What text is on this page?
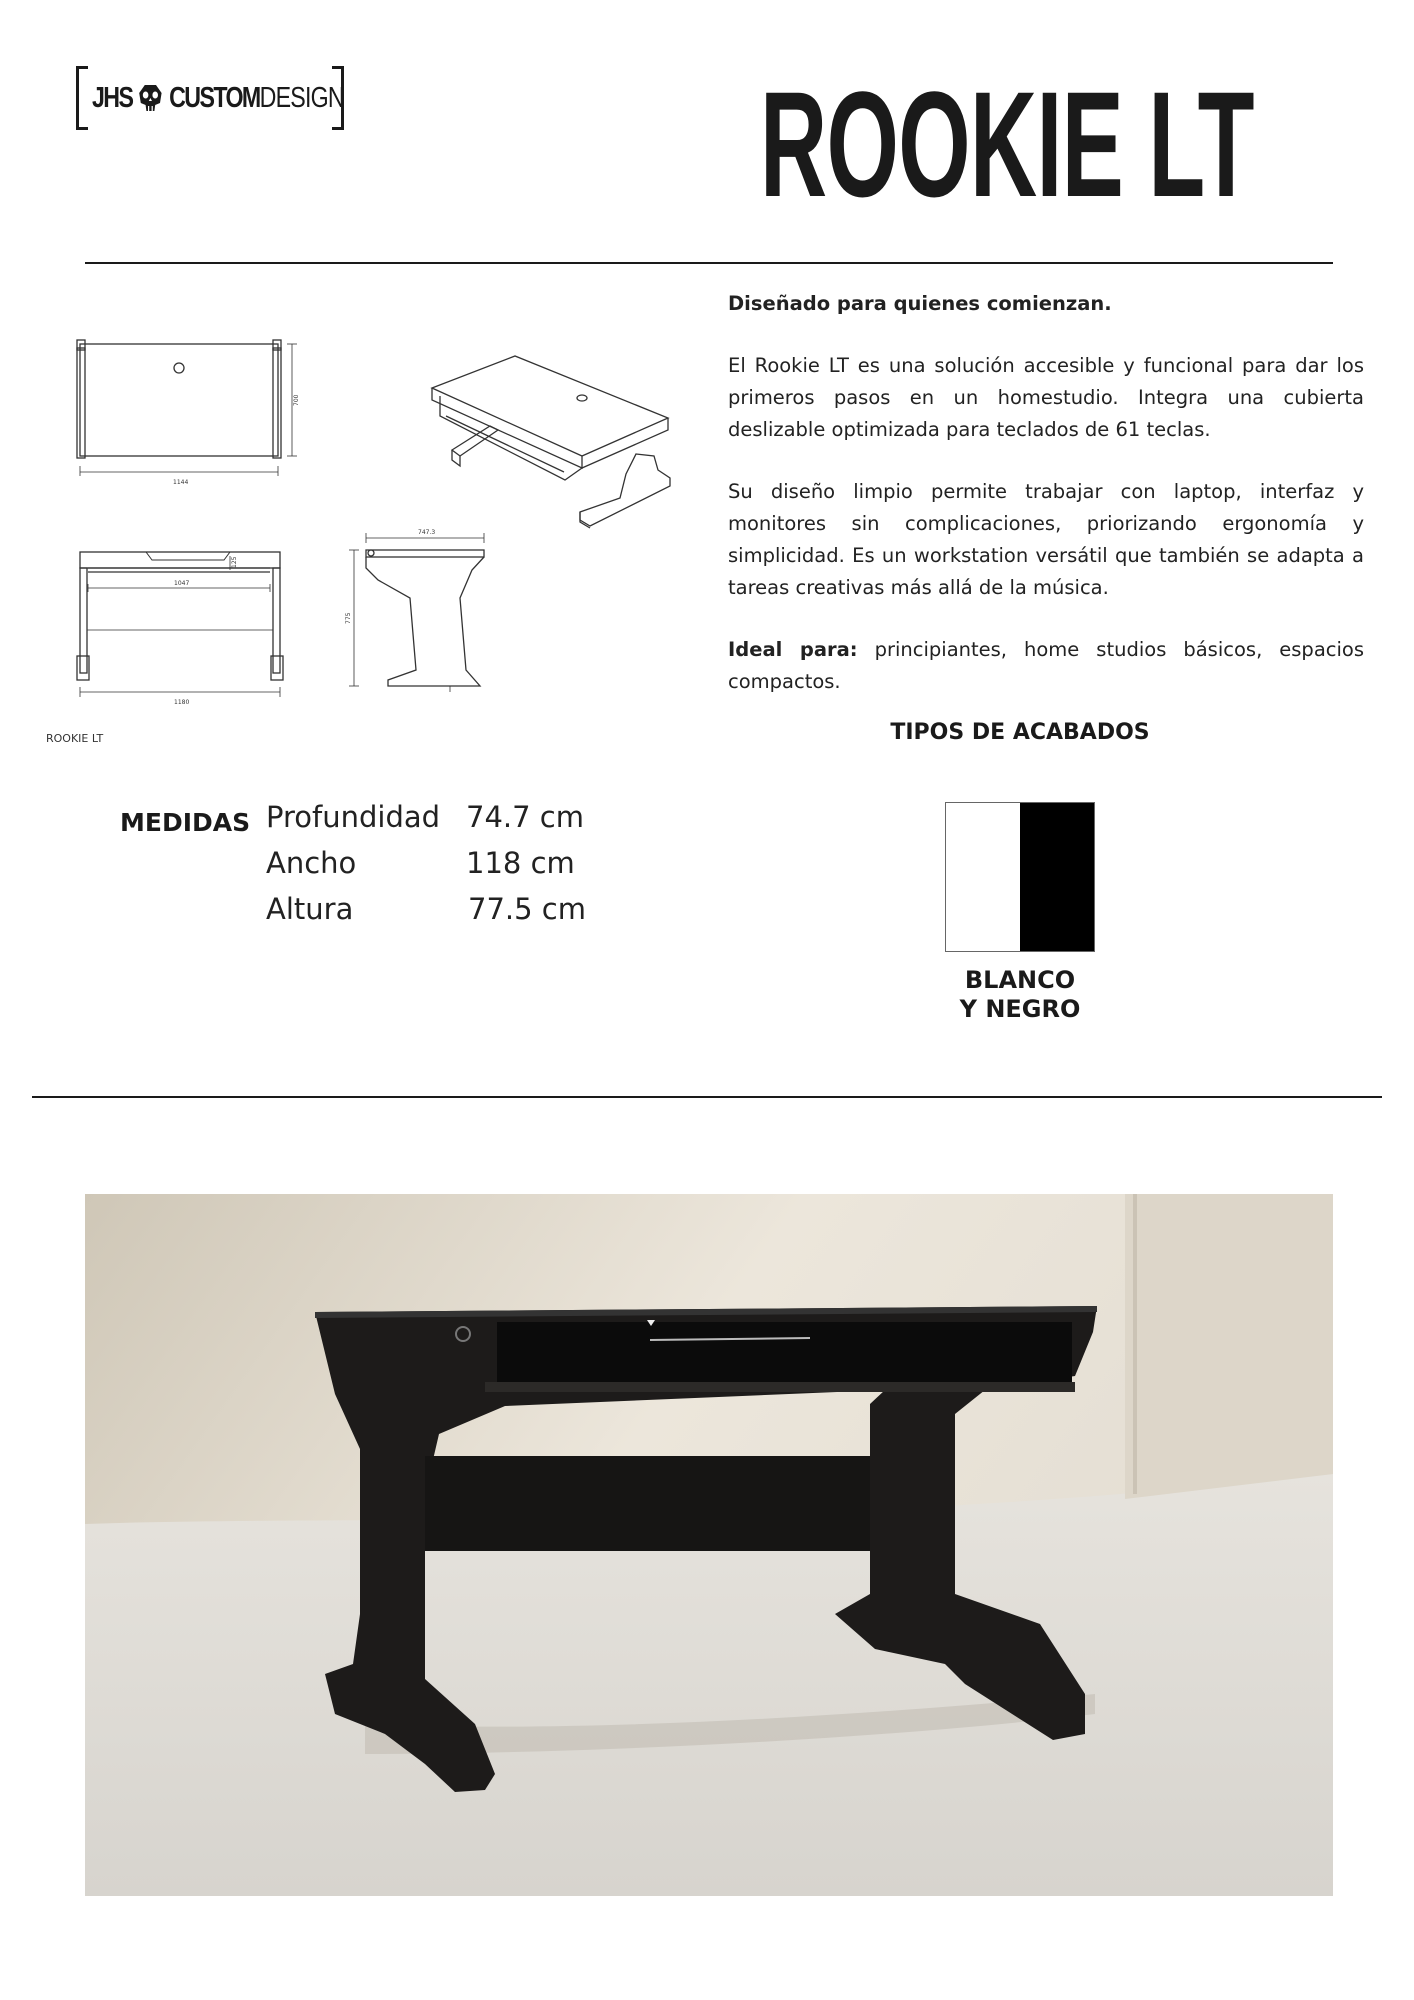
JHS CUSTOM DESIGN	ROOKIE LT
1144
700
1047
125
1180
747.3
775
ROOKIE LT

Diseñado para quienes comienzan.

El Rookie LT es una solución accesible y funcional para dar los primeros pasos en un homestudio. Integra una cubierta deslizable optimizada para teclados de 61 teclas.

Su diseño limpio permite trabajar con laptop, interfaz y monitores sin complicaciones, priorizando ergonomía y simplicidad. Es un workstation versátil que también se adapta a tareas creativas más allá de la música.

Ideal para: principiantes, home studios básicos, espacios compactos.

TIPOS DE ACABADOS
BLANCO
Y NEGRO
MEDIDAS Profundidad 74.7 cm
Ancho	118 cm
Altura	77.5 cm
